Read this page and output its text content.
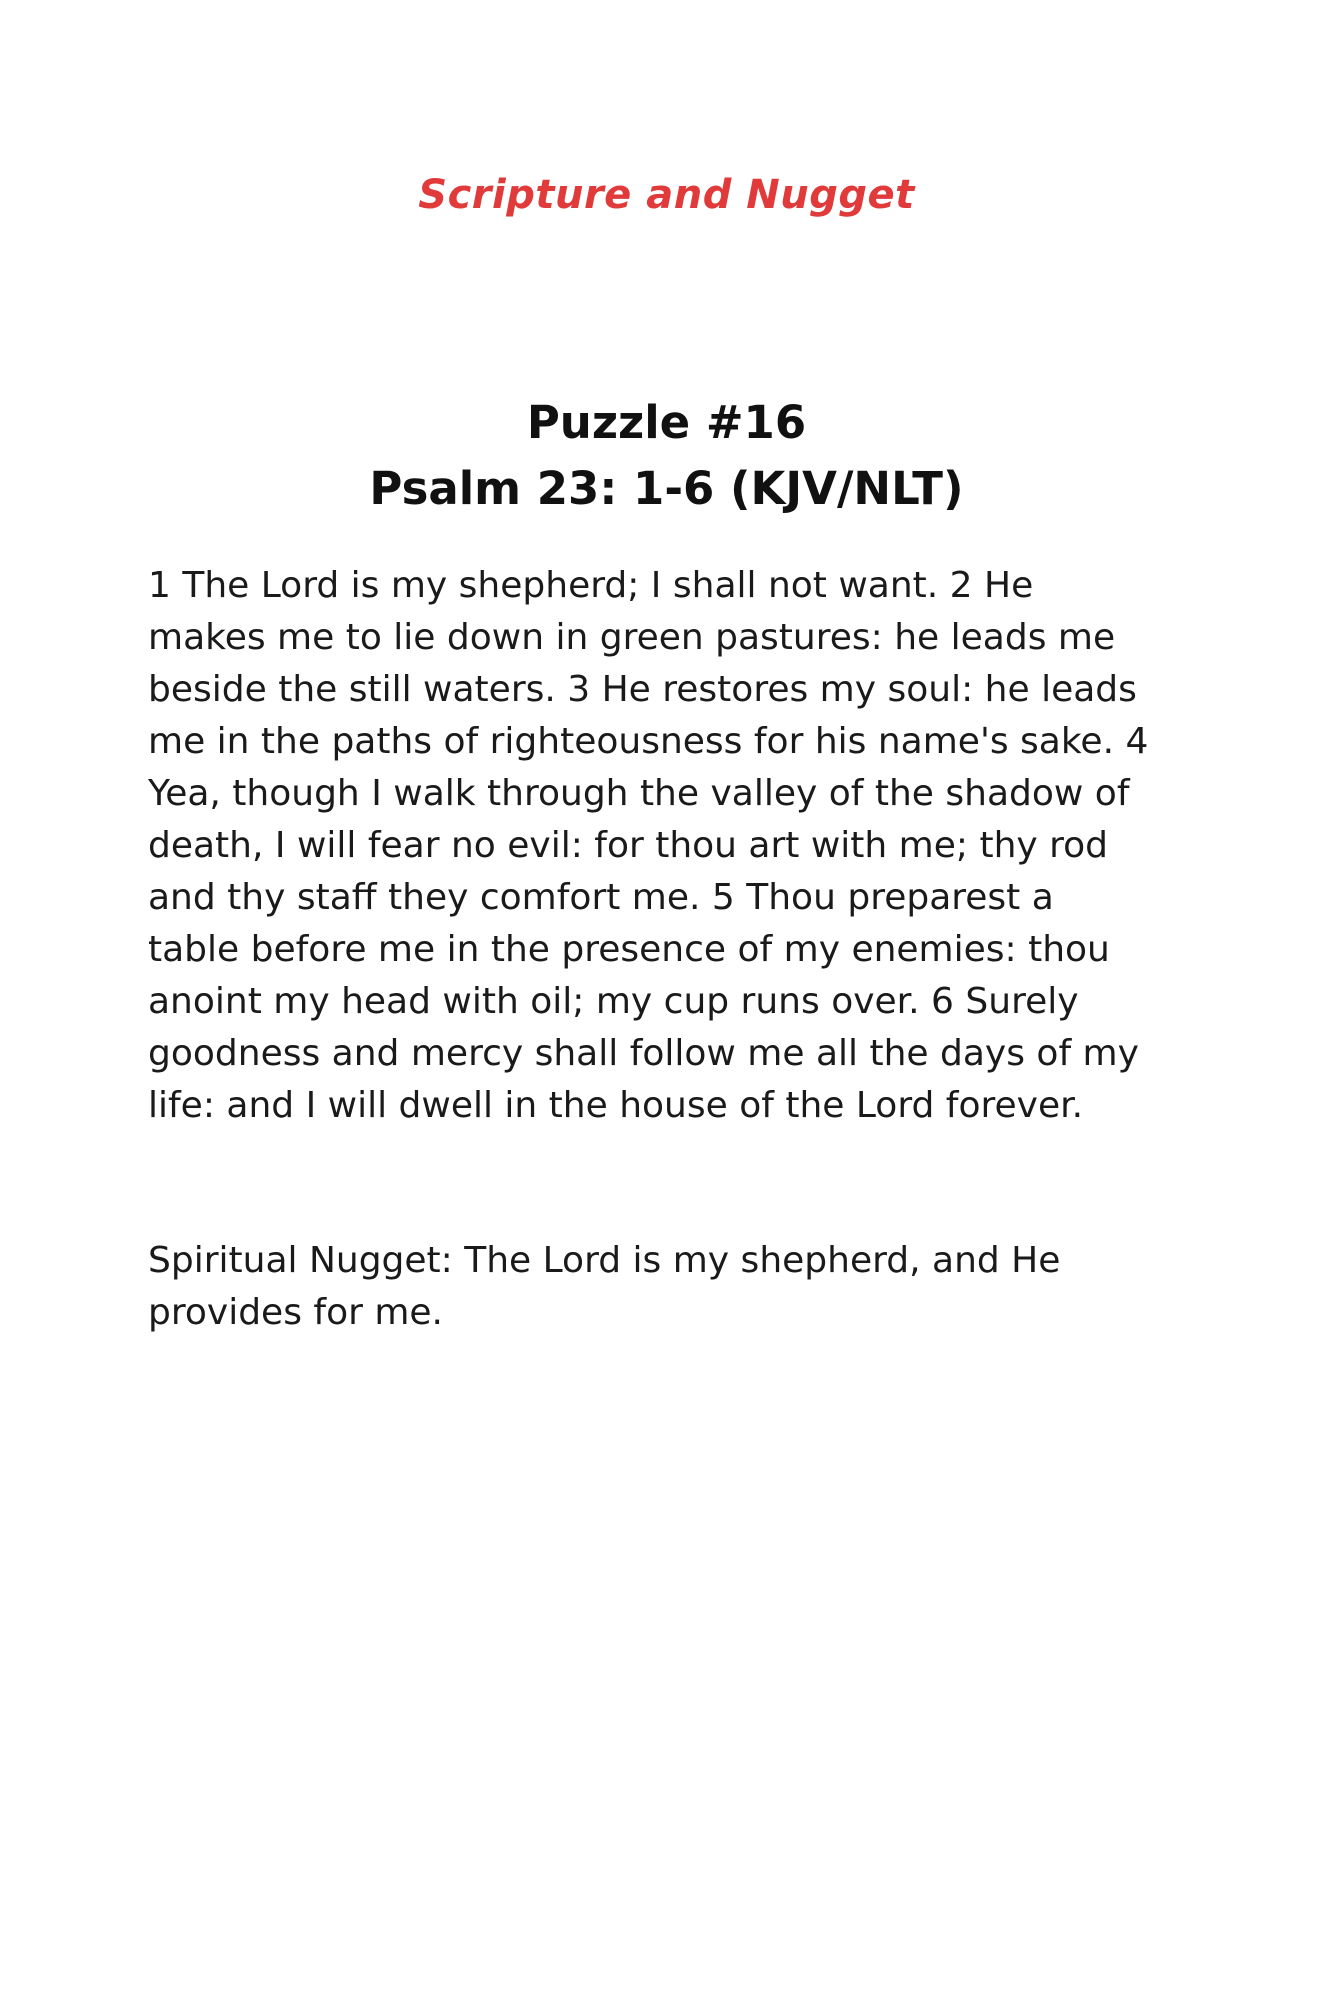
Scripture and Nugget
Puzzle #16
Psalm 23: 1-6 (KJV/NLT)

1 The Lord is my shepherd; I shall not want. 2 He makes me to lie down in green pastures: he leads me beside the still waters. 3 He restores my soul: he leads me in the paths of righteousness for his name's sake. 4 Yea, though I walk through the valley of the shadow of death, I will fear no evil: for thou art with me; thy rod and thy staff they comfort me. 5 Thou preparest a table before me in the presence of my enemies: thou anoint my head with oil; my cup runs over. 6 Surely goodness and mercy shall follow me all the days of my life: and I will dwell in the house of the Lord forever.

Spiritual Nugget: The Lord is my shepherd, and He provides for me.
